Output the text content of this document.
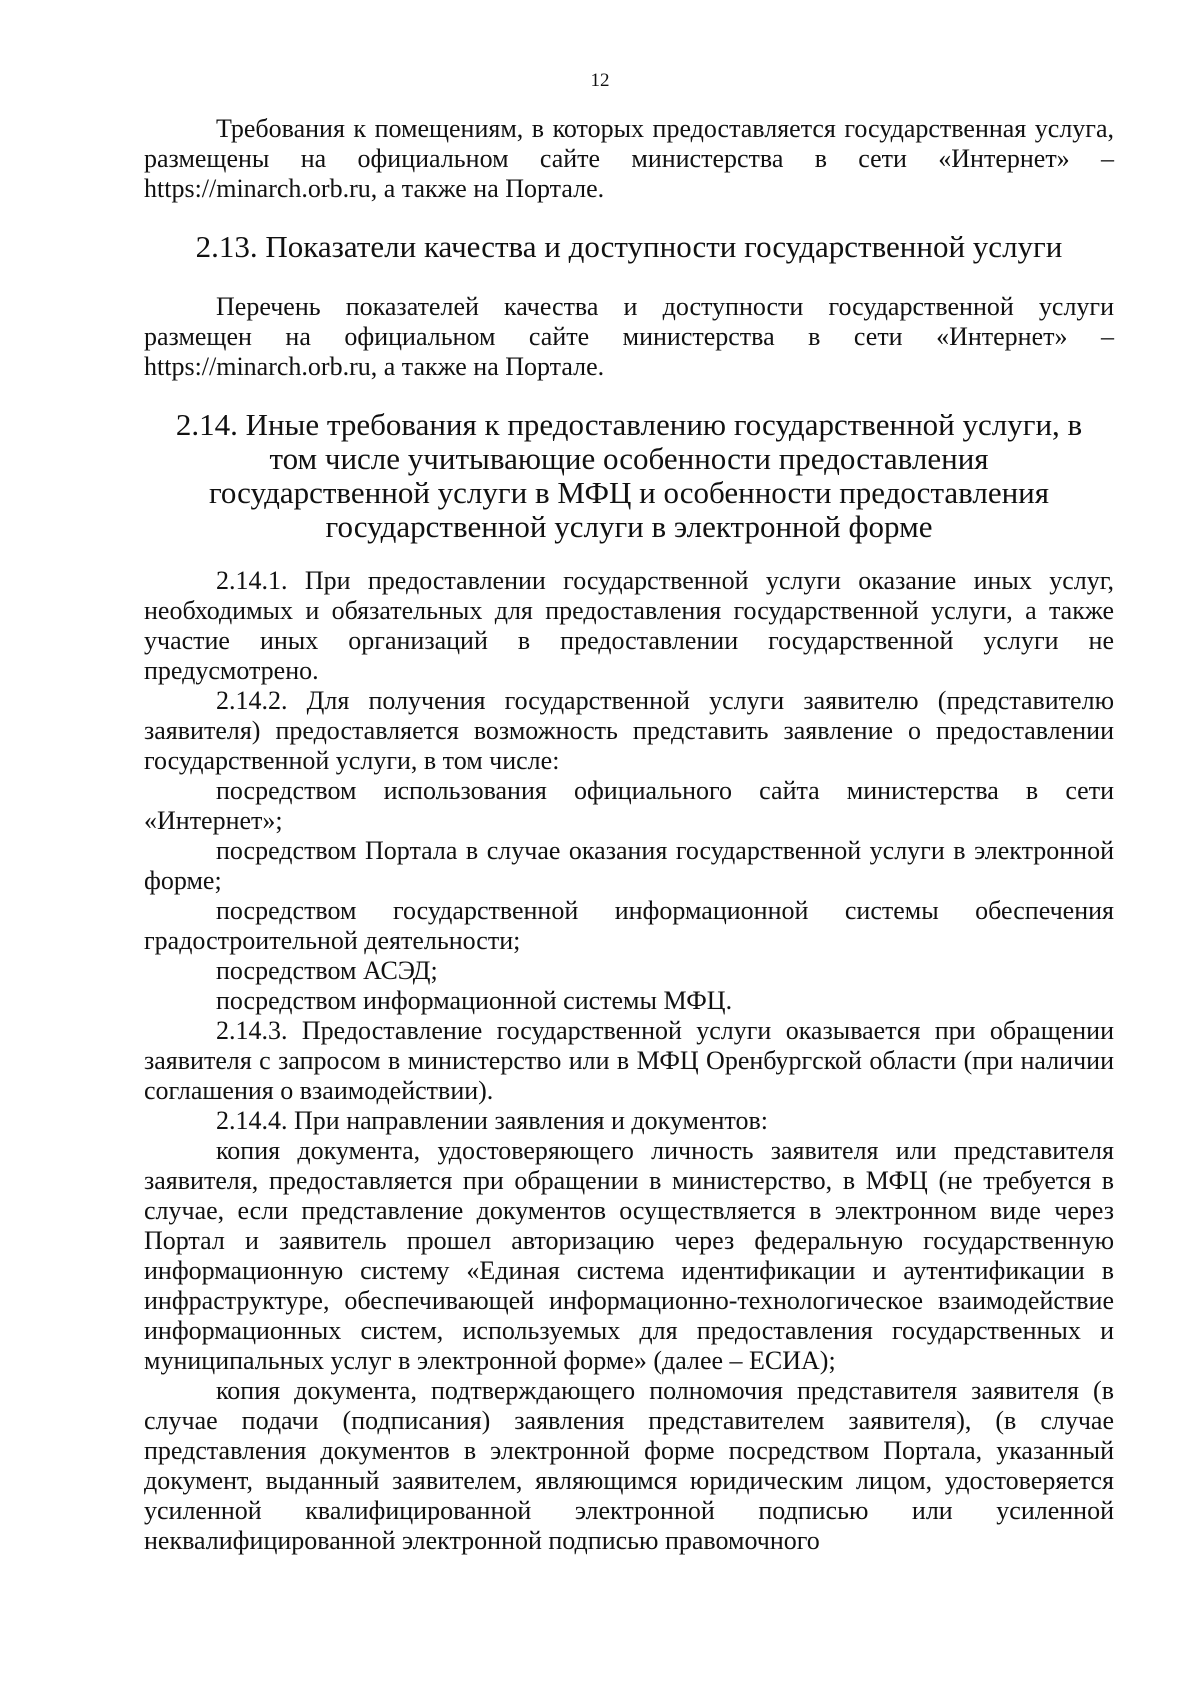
12

Требования к помещениям, в которых предоставляется государственная услуга, размещены на официальном сайте министерства в сети «Интернет» – https://minarch.orb.ru, а также на Портале.

2.13. Показатели качества и доступности государственной услуги

Перечень показателей качества и доступности государственной услуги размещен на официальном сайте министерства в сети «Интернет» – https://minarch.orb.ru, а также на Портале.

2.14. Иные требования к предоставлению государственной услуги, в
том числе учитывающие особенности предоставления
государственной услуги в МФЦ и особенности предоставления
государственной услуги в электронной форме

2.14.1. При предоставлении государственной услуги оказание иных услуг, необходимых и обязательных для предоставления государственной услуги, а также участие иных организаций в предоставлении государственной услуги не предусмотрено.

2.14.2. Для получения государственной услуги заявителю (представителю заявителя) предоставляется возможность представить заявление о предоставлении государственной услуги, в том числе:

посредством использования официального сайта министерства в сети «Интернет»;

посредством Портала в случае оказания государственной услуги в электронной форме;

посредством государственной информационной системы обеспечения градостроительной деятельности;

посредством АСЭД;

посредством информационной системы МФЦ.

2.14.3. Предоставление государственной услуги оказывается при обращении заявителя с запросом в министерство или в МФЦ Оренбургской области (при наличии соглашения о взаимодействии).

2.14.4. При направлении заявления и документов:

копия документа, удостоверяющего личность заявителя или представителя заявителя, предоставляется при обращении в министерство, в МФЦ (не требуется в случае, если представление документов осуществляется в электронном виде через Портал и заявитель прошел авторизацию через федеральную государственную информационную систему «Единая система идентификации и аутентификации в инфраструктуре, обеспечивающей информационно-технологическое взаимодействие информационных систем, используемых для предоставления государственных и муниципальных услуг в электронной форме» (далее – ЕСИА);

копия документа, подтверждающего полномочия представителя заявителя (в случае подачи (подписания) заявления представителем заявителя), (в случае представления документов в электронной форме посредством Портала, указанный документ, выданный заявителем, являющимся юридическим лицом, удостоверяется усиленной квалифицированной электронной подписью или усиленной неквалифицированной электронной подписью правомочного
